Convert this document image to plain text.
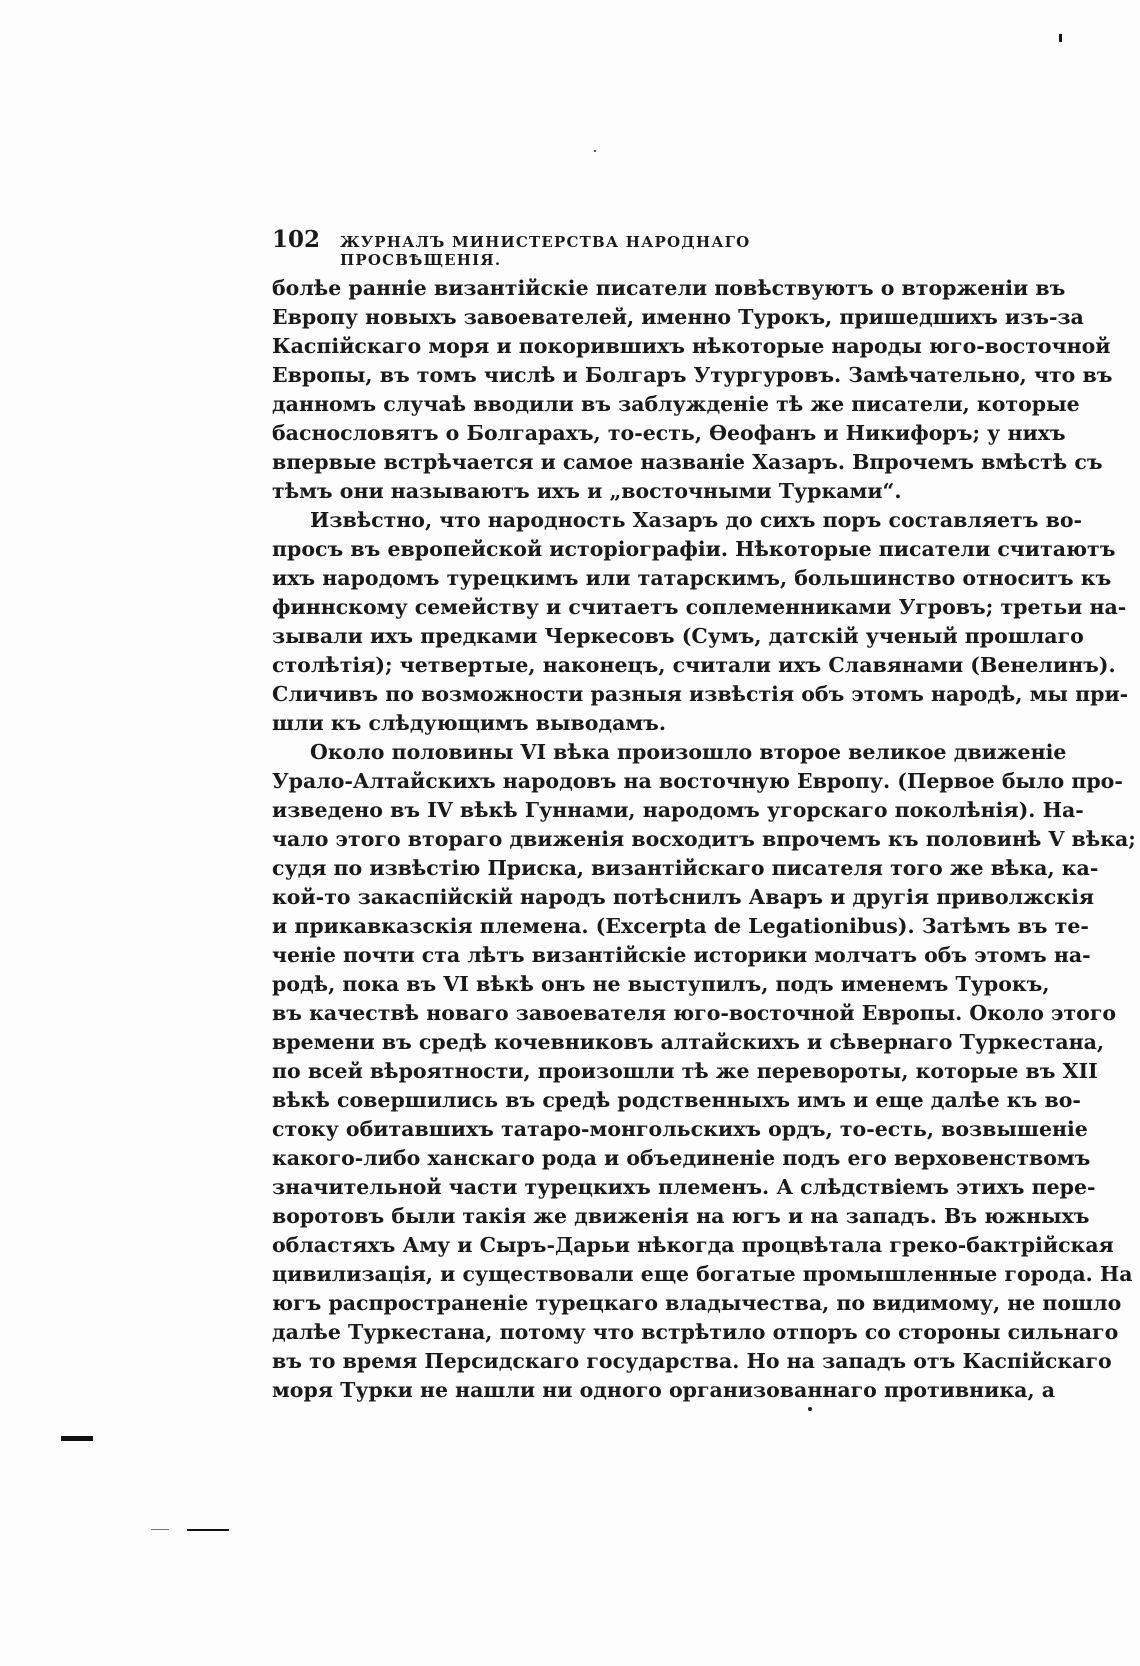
102	ЖУРНАЛЪ МИНИСТЕРСТВА НАРОДНАГО ПРОСВѢЩЕНІЯ.
болѣе ранніе византійскіе писатели повѣствуютъ о вторженіи въ
Европу новыхъ завоевателей, именно Турокъ, пришедшихъ изъ-за
Каспійскаго моря и покорившихъ нѣкоторые народы юго-восточной
Европы, въ томъ числѣ и Болгаръ Утургуровъ. Замѣчательно, что въ
данномъ случаѣ вводили въ заблужденіе тѣ же писатели, которые
баснословятъ о Болгарахъ, то-есть, Ѳеофанъ и Никифоръ; у нихъ
впервые встрѣчается и самое названіе Хазаръ. Впрочемъ вмѣстѣ съ
тѣмъ они называютъ ихъ и „восточными Турками“.
Извѣстно, что народность Хазаръ до сихъ поръ составляетъ во-
просъ въ европейской исторіографіи. Нѣкоторые писатели считаютъ
ихъ народомъ турецкимъ или татарскимъ, большинство относитъ къ
финнскому семейству и считаетъ соплеменниками Угровъ; третьи на-
зывали ихъ предками Черкесовъ (Сумъ, датскій ученый прошлаго
столѣтія); четвертые, наконецъ, считали ихъ Славянами (Венелинъ).
Сличивъ по возможности разныя извѣстія объ этомъ народѣ, мы при-
шли къ слѣдующимъ выводамъ.
Около половины VI вѣка произошло второе великое движеніе
Урало-Алтайскихъ народовъ на восточную Европу. (Первое было про-
изведено въ IV вѣкѣ Гуннами, народомъ угорскаго поколѣнія). На-
чало этого втораго движенія восходитъ впрочемъ къ половинѣ V вѣка;
судя по извѣстію Приска, византійскаго писателя того же вѣка, ка-
кой-то закаспійскій народъ потѣснилъ Аваръ и другія приволжскія
и прикавказскія племена. (Excerpta de Legationibus). Затѣмъ въ те-
ченіе почти ста лѣтъ византійскіе историки молчатъ объ этомъ на-
родѣ, пока въ VI вѣкѣ онъ не выступилъ, подъ именемъ Турокъ,
въ качествѣ новаго завоевателя юго-восточной Европы. Около этого
времени въ средѣ кочевниковъ алтайскихъ и сѣвернаго Туркестана,
по всей вѣроятности, произошли тѣ же перевороты, которые въ XII
вѣкѣ совершились въ средѣ родственныхъ имъ и еще далѣе къ во-
стоку обитавшихъ татаро-монгольскихъ ордъ, то-есть, возвышеніе
какого-либо ханскаго рода и объединеніе подъ его верховенствомъ
значительной части турецкихъ племенъ. А слѣдствіемъ этихъ пере-
воротовъ были такія же движенія на югъ и на западъ. Въ южныхъ
областяхъ Аму и Сыръ-Дарьи нѣкогда процвѣтала греко-бактрійская
цивилизація, и существовали еще богатые промышленные города. На
югъ распространеніе турецкаго владычества, по видимому, не пошло
далѣе Туркестана, потому что встрѣтило отпоръ со стороны сильнаго
въ то время Персидскаго государства. Но на западъ отъ Каспійскаго
моря Турки не нашли ни одного организованнаго противника, а
